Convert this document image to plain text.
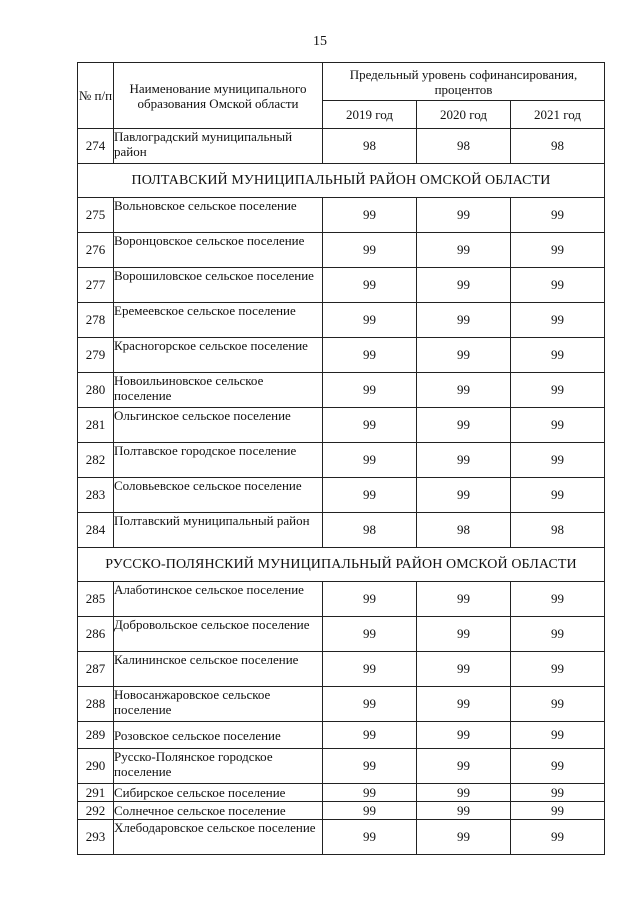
15
№ п/п	Наименование муниципального образования Омской области	Предельный уровень софинансирования, процентов		
		2019 год	2020 год	2021 год
274	Павлоградский муниципальный район	98	98	98
ПОЛТАВСКИЙ МУНИЦИПАЛЬНЫЙ РАЙОН ОМСКОЙ ОБЛАСТИ				
275	Вольновское сельское поселение	99	99	99
276	Воронцовское сельское поселение	99	99	99
277	Ворошиловское сельское поселение	99	99	99
278	Еремеевское сельское поселение	99	99	99
279	Красногорское сельское поселение	99	99	99
280	Новоильиновское сельское поселение	99	99	99
281	Ольгинское сельское поселение	99	99	99
282	Полтавское городское поселение	99	99	99
283	Соловьевское сельское поселение	99	99	99
284	Полтавский муниципальный район	98	98	98
РУССКО-ПОЛЯНСКИЙ МУНИЦИПАЛЬНЫЙ РАЙОН ОМСКОЙ ОБЛАСТИ				
285	Алаботинское сельское поселение	99	99	99
286	Добровольское сельское поселение	99	99	99
287	Калининское сельское поселение	99	99	99
288	Новосанжаровское сельское поселение	99	99	99
289	Розовское сельское поселение	99	99	99
290	Русско-Полянское городское поселение	99	99	99
291	Сибирское сельское поселение	99	99	99
292	Солнечное сельское поселение	99	99	99
293	Хлебодаровское сельское поселение	99	99	99
